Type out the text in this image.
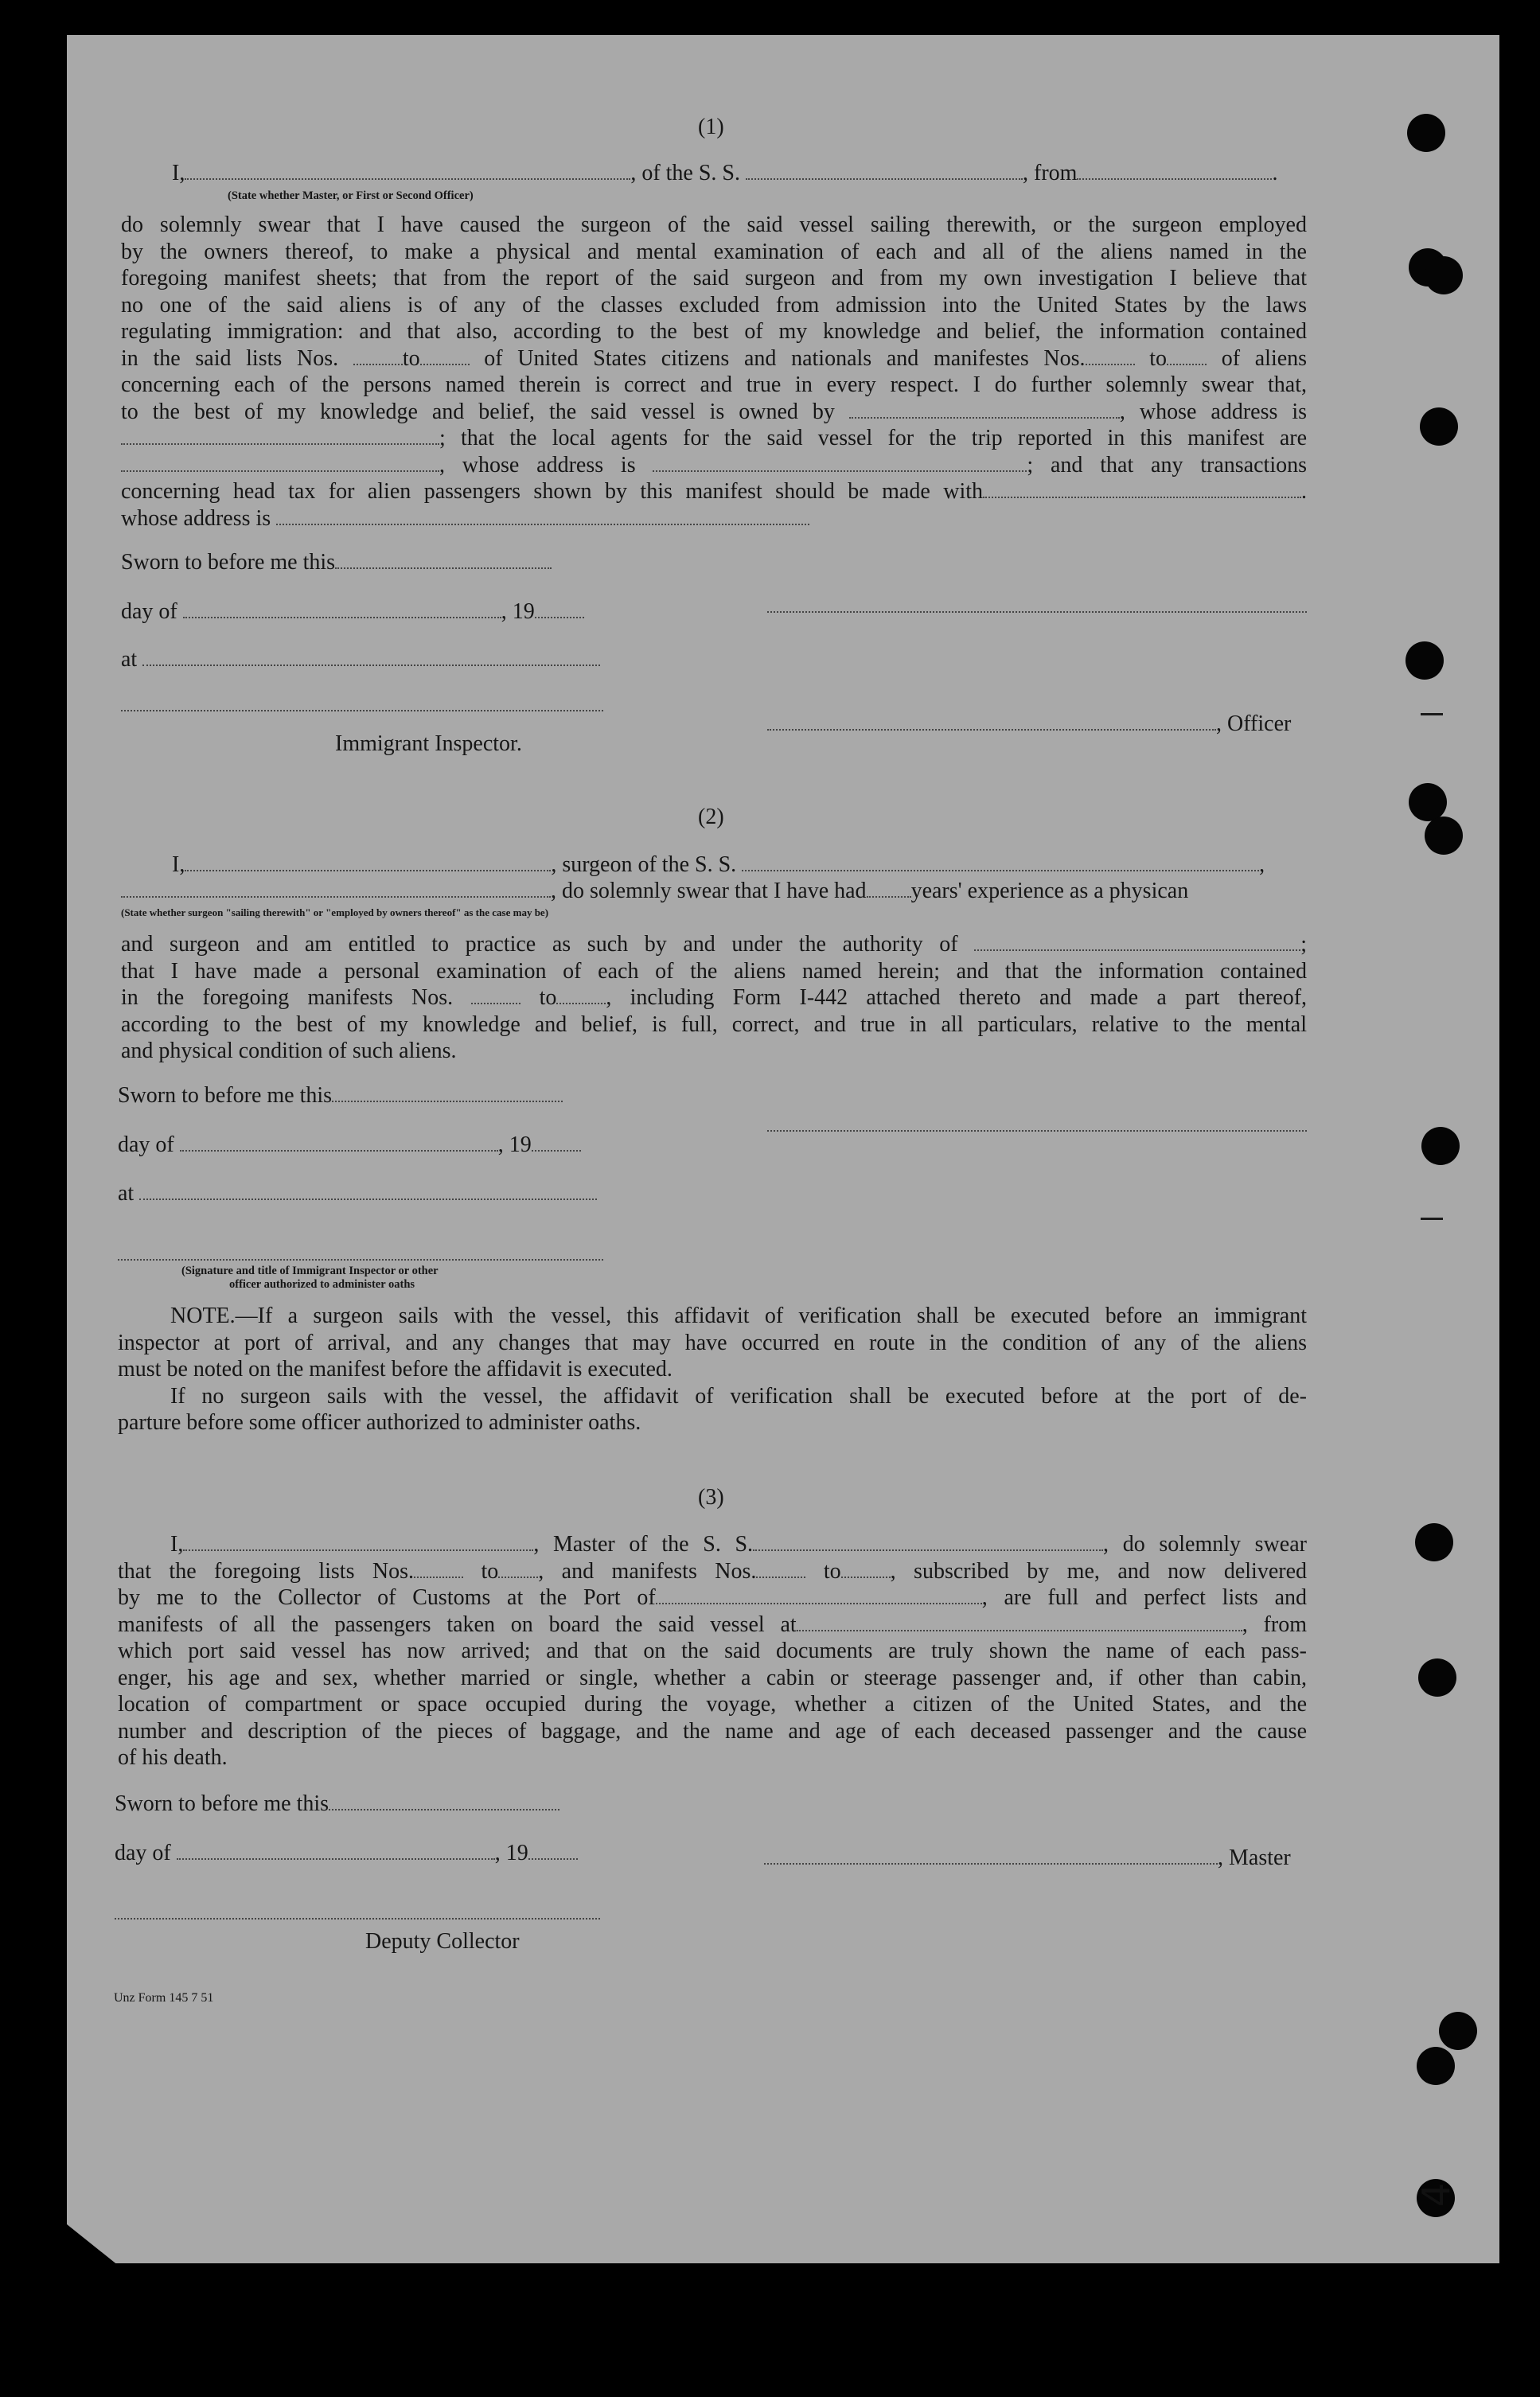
(1)
I,	, of the S. S.	, from	.
(State whether Master, or First or Second Officer)
do solemnly swear that I have caused the surgeon of the said vessel sailing therewith, or the surgeon employed
by the owners thereof, to make a physical and mental examination of each and all of the aliens named in the
foregoing manifest sheets; that from the report of the said surgeon and from my own investigation I believe that
no one of the said aliens is of any of the classes excluded from admission into the United States by the laws
regulating immigration: and that also, according to the best of my knowledge and belief, the information contained
in the said lists Nos.	to	of United States citizens and nationals and manifestes Nos.	to of aliens
concerning each of the persons named therein is correct and true in every respect. I do further solemnly swear that,
to the best of my knowledge and belief, the said vessel is owned by	, whose address is
; that the local agents for the said vessel for the trip reported in this manifest are
, whose address is	; and that any transactions
concerning head tax for alien passengers shown by this manifest should be made with	.
whose address is
Sworn to before me this
day of	, 19
at
, Officer
Immigrant Inspector.
(2)
I,	, surgeon of the S. S.	,
, do solemnly swear that I have had years' experience as a physican
(State whether surgeon "sailing therewith" or "employed by owners thereof" as the case may be)
and surgeon and am entitled to practice as such by and under the authority of	;
that I have made a personal examination of each of the aliens named herein; and that the information contained
in the foregoing manifests Nos.	to , including Form I-442 attached thereto and made a part thereof,
according to the best of my knowledge and belief, is full, correct, and true in all particulars, relative to the mental
and physical condition of such aliens.
Sworn to before me this
day of	, 19
at
(Signature and title of Immigrant Inspector or other
officer authorized to administer oaths
NOTE.—If a surgeon sails with the vessel, this affidavit of verification shall be executed before an immigrant
inspector at port of arrival, and any changes that may have occurred en route in the condition of any of the aliens
must be noted on the manifest before the affidavit is executed.
If no surgeon sails with the vessel, the affidavit of verification shall be executed before at the port of de-
parture before some officer authorized to administer oaths.
(3)
I,	, Master of the S. S.	, do solemnly swear
that the foregoing lists Nos.	to , and manifests Nos.	to , subscribed by me, and now delivered
by me to the Collector of Customs at the Port of	, are full and perfect lists and
manifests of all the passengers taken on board the said vessel at	, from
which port said vessel has now arrived; and that on the said documents are truly shown the name of each pass-
enger, his age and sex, whether married or single, whether a cabin or steerage passenger and, if other than cabin,
location of compartment or space occupied during the voyage, whether a citizen of the United States, and the
number and description of the pieces of baggage, and the name and age of each deceased passenger and the cause
of his death.
Sworn to before me this
day of	, 19	, Master
Deputy Collector
Unz Form 145 7 51
4
